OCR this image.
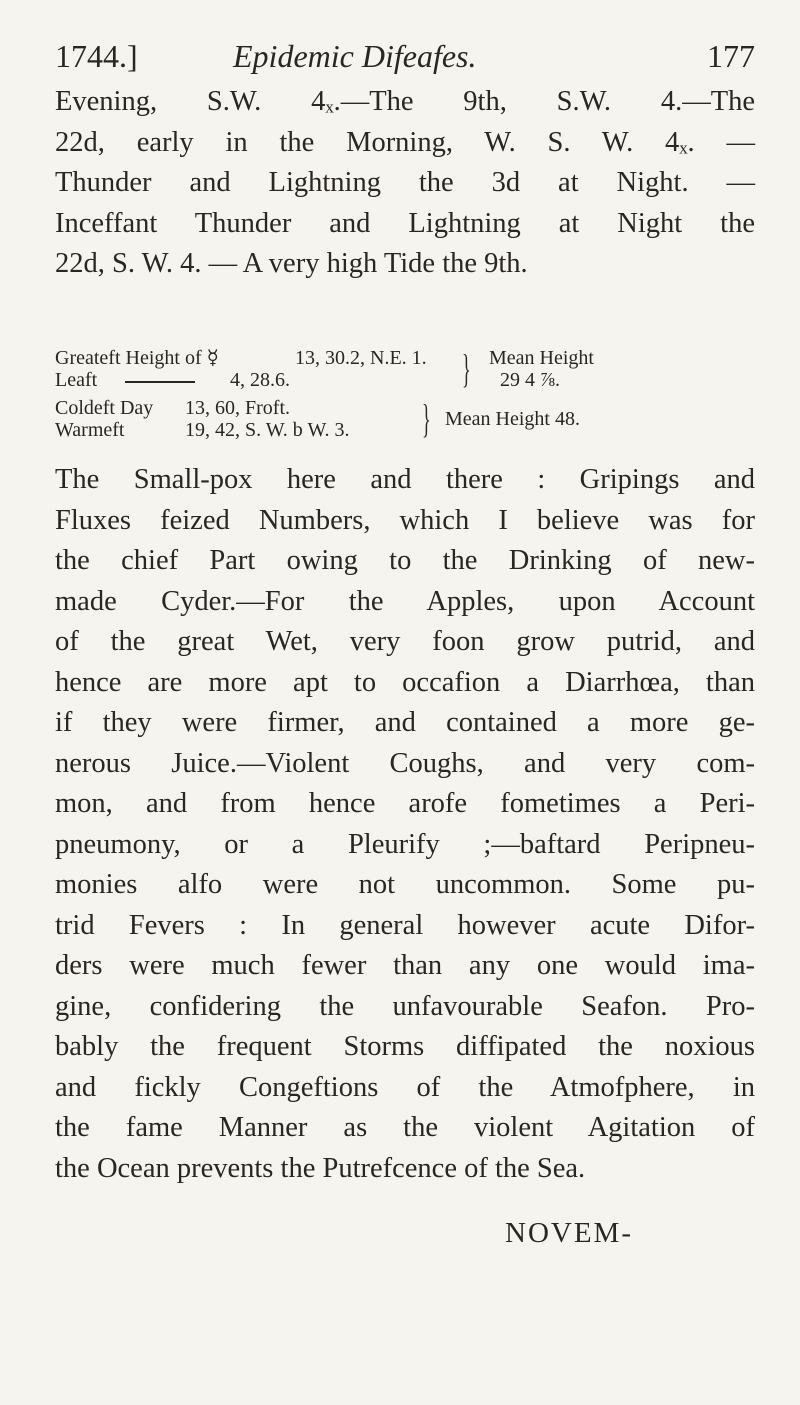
1744.]	Epidemic Difeafes.	177
Evening, S.W. 4ₓ.—The 9th, S.W. 4.—The
22d, early in the Morning, W. S. W. 4ₓ. —
Thunder and Lightning the 3d at Night. —
Inceffant Thunder and Lightning at Night the
22d, S. W. 4. — A very high Tide the 9th.
Greateft Height of ☿	13, 30.2, N.E. 1.
Leaft	4, 28.6.	} Mean Height
29 4 ⅞.
Coldeft Day 13, 60, Froft.
Warmeft	19, 42, S. W. b W. 3. } Mean Height 48.
The Small-pox here and there : Gripings and
Fluxes feized Numbers, which I believe was for
the chief Part owing to the Drinking of new-
made Cyder.—For the Apples, upon Account
of the great Wet, very foon grow putrid, and
hence are more apt to occafion a Diarrhœa, than
if they were firmer, and contained a more ge-
nerous Juice.—Violent Coughs, and very com-
mon, and from hence arofe fometimes a Peri-
pneumony, or a Pleurify ;—baftard Peripneu-
monies alfo were not uncommon. Some pu-
trid Fevers : In general however acute Difor-
ders were much fewer than any one would ima-
gine, confidering the unfavourable Seafon. Pro-
bably the frequent Storms diffipated the noxious
and fickly Congeftions of the Atmofphere, in
the fame Manner as the violent Agitation of
the Ocean prevents the Putrefcence of the Sea.
NOVEM-
